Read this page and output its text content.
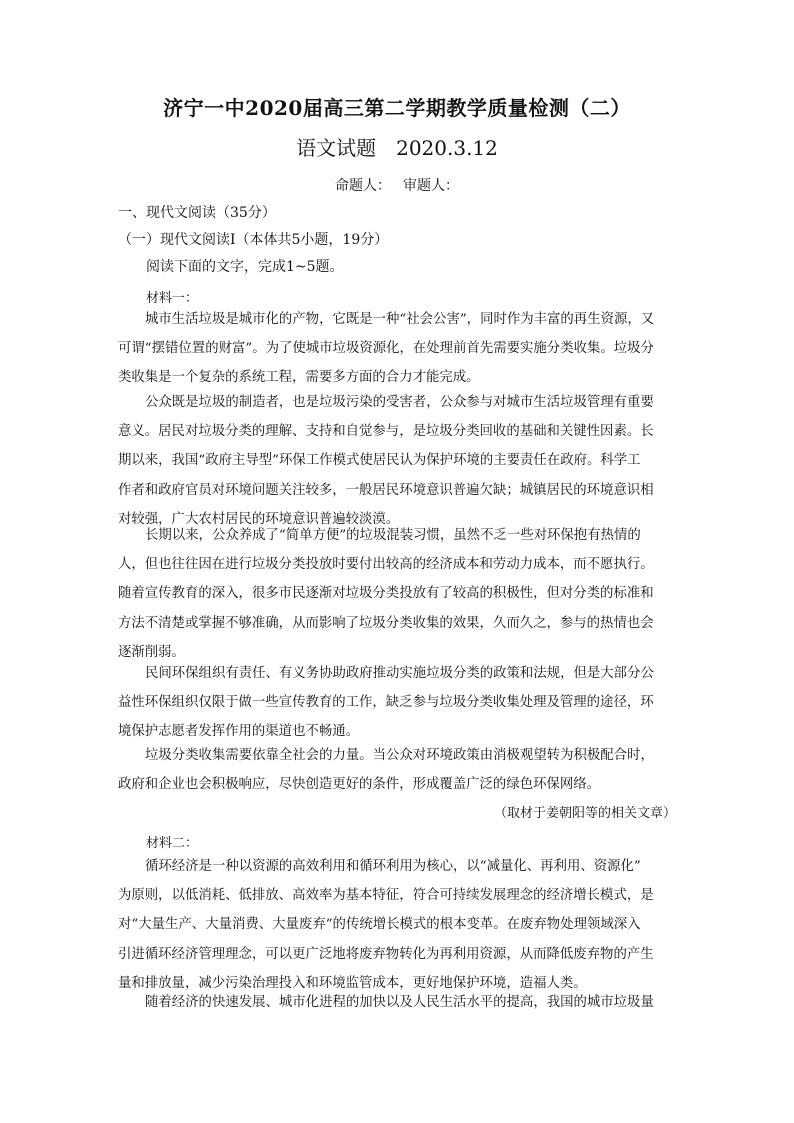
济宁一中2020届高三第二学期教学质量检测（二）
语文试题 2020.3.12
命题人： 审题人：
一、现代文阅读（35分）
（一）现代文阅读Ⅰ（本体共5小题，19分）
阅读下面的文字，完成1~5题。
材料一：
城市生活垃圾是城市化的产物，它既是一种“社会公害”，同时作为丰富的再生资源，又
可谓“摆错位置的财富”。为了使城市垃圾资源化，在处理前首先需要实施分类收集。垃圾分
类收集是一个复杂的系统工程，需要多方面的合力才能完成。
公众既是垃圾的制造者，也是垃圾污染的受害者，公众参与对城市生活垃圾管理有重要
意义。居民对垃圾分类的理解、支持和自觉参与，是垃圾分类回收的基础和关键性因素。长
期以来，我国“政府主导型”环保工作模式使居民认为保护环境的主要责任在政府。科学工
作者和政府官员对环境问题关注较多，一般居民环境意识普遍欠缺；城镇居民的环境意识相
对较强，广大农村居民的环境意识普遍较淡漠。
长期以来，公众养成了“简单方便”的垃圾混装习惯，虽然不乏一些对环保抱有热情的
人，但也往往因在进行垃圾分类投放时要付出较高的经济成本和劳动力成本，而不愿执行。
随着宣传教育的深入，很多市民逐渐对垃圾分类投放有了较高的积极性，但对分类的标准和
方法不清楚或掌握不够准确，从而影响了垃圾分类收集的效果，久而久之，参与的热情也会
逐渐削弱。
民间环保组织有责任、有义务协助政府推动实施垃圾分类的政策和法规，但是大部分公
益性环保组织仅限于做一些宣传教育的工作，缺乏参与垃圾分类收集处理及管理的途径，环
境保护志愿者发挥作用的渠道也不畅通。
垃圾分类收集需要依靠全社会的力量。当公众对环境政策由消极观望转为积极配合时，
政府和企业也会积极响应，尽快创造更好的条件，形成覆盖广泛的绿色环保网络。
（取材于姜朝阳等的相关文章）
材料二：
循环经济是一种以资源的高效利用和循环利用为核心，以“减量化、再利用、资源化”
为原则，以低消耗、低排放、高效率为基本特征，符合可持续发展理念的经济增长模式，是
对“大量生产、大量消费、大量废弃”的传统增长模式的根本变革。在废弃物处理领域深入
引进循环经济管理理念，可以更广泛地将废弃物转化为再利用资源，从而降低废弃物的产生
量和排放量，减少污染治理投入和环境监管成本，更好地保护环境，造福人类。
随着经济的快速发展、城市化进程的加快以及人民生活水平的提高，我国的城市垃圾量
